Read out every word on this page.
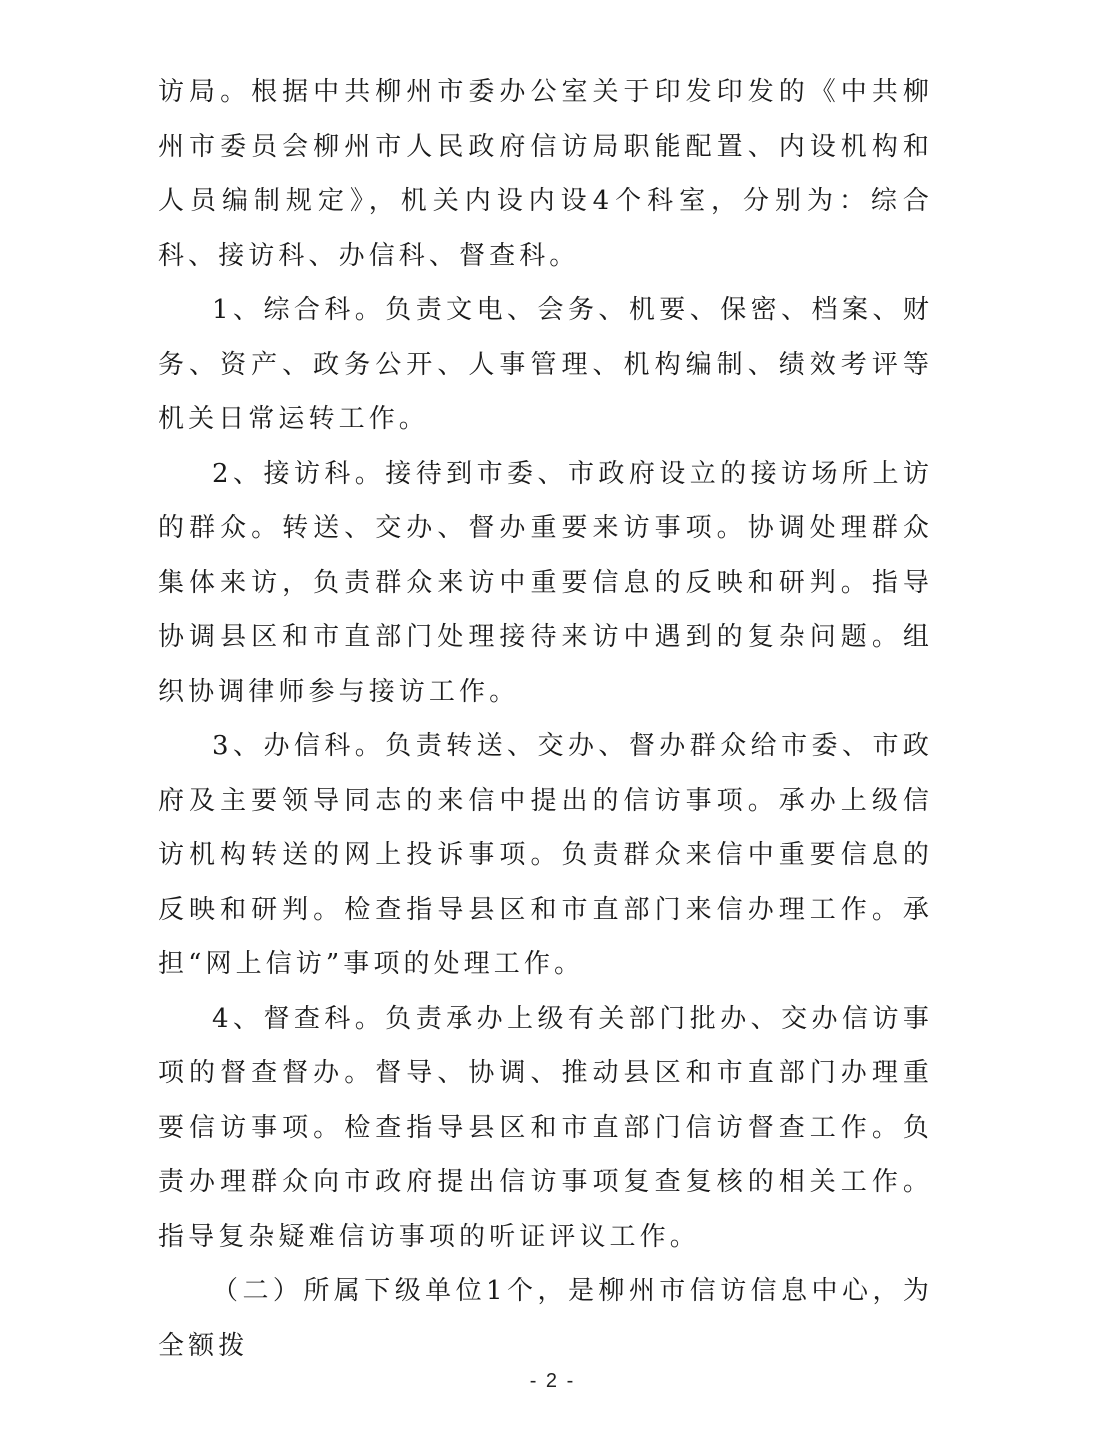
访局。根据中共柳州市委办公室关于印发印发的《中共柳州市委员会柳州市人民政府信访局职能配置、内设机构和人员编制规定》，机关内设内设4个科室，分别为：综合科、接访科、办信科、督查科。

1、综合科。负责文电、会务、机要、保密、档案、财务、资产、政务公开、人事管理、机构编制、绩效考评等机关日常运转工作。

2、接访科。接待到市委、市政府设立的接访场所上访的群众。转送、交办、督办重要来访事项。协调处理群众集体来访，负责群众来访中重要信息的反映和研判。指导协调县区和市直部门处理接待来访中遇到的复杂问题。组织协调律师参与接访工作。

3、办信科。负责转送、交办、督办群众给市委、市政府及主要领导同志的来信中提出的信访事项。承办上级信访机构转送的网上投诉事项。负责群众来信中重要信息的反映和研判。检查指导县区和市直部门来信办理工作。承担“网上信访”事项的处理工作。

4、督查科。负责承办上级有关部门批办、交办信访事项的督查督办。督导、协调、推动县区和市直部门办理重要信访事项。检查指导县区和市直部门信访督查工作。负责办理群众向市政府提出信访事项复查复核的相关工作。指导复杂疑难信访事项的听证评议工作。

（二）所属下级单位1个，是柳州市信访信息中心，为全额拨

- 2 -
